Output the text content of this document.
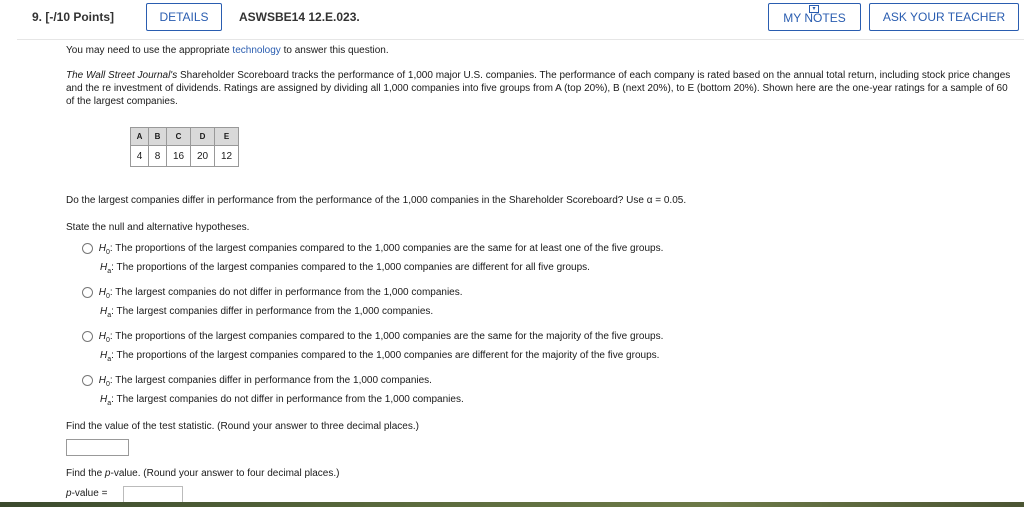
9. [-/10 Points]	DETAILS	ASWSBE14 12.E.023.
▾
MY NOTES	ASK YOUR TEACHER
You may need to use the appropriate technology to answer this question.
The Wall Street Journal's Shareholder Scoreboard tracks the performance of 1,000 major U.S. companies. The performance of each company is rated based on the annual total return, including stock price changes and the re investment of dividends. Ratings are assigned by dividing all 1,000 companies into five groups from A (top 20%), B (next 20%), to E (bottom 20%). Shown here are the one-year ratings for a sample of 60 of the largest companies.
Do the largest companies differ in performance from the performance of the 1,000 companies in the Shareholder Scoreboard? Use α = 0.05.
State the null and alternative hypotheses.
A	B	C	D	E
4	8	16	20	12
$H_0$: The proportions of the largest companies compared to the 1,000 companies are the same for at least one of the five groups.
$H_a$: The proportions of the largest companies compared to the 1,000 companies are different for all five groups.
$H_0$: The largest companies do not differ in performance from the 1,000 companies.
$H_a$: The largest companies differ in performance from the 1,000 companies.
$H_0$: The proportions of the largest companies compared to the 1,000 companies are the same for the majority of the five groups.
$H_a$: The proportions of the largest companies compared to the 1,000 companies are different for the majority of the five groups.
$H_0$: The largest companies differ in performance from the 1,000 companies.
$H_a$: The largest companies do not differ in performance from the 1,000 companies.
Find the value of the test statistic. (Round your answer to three decimal places.)
Find the p-value. (Round your answer to four decimal places.)
p-value =
